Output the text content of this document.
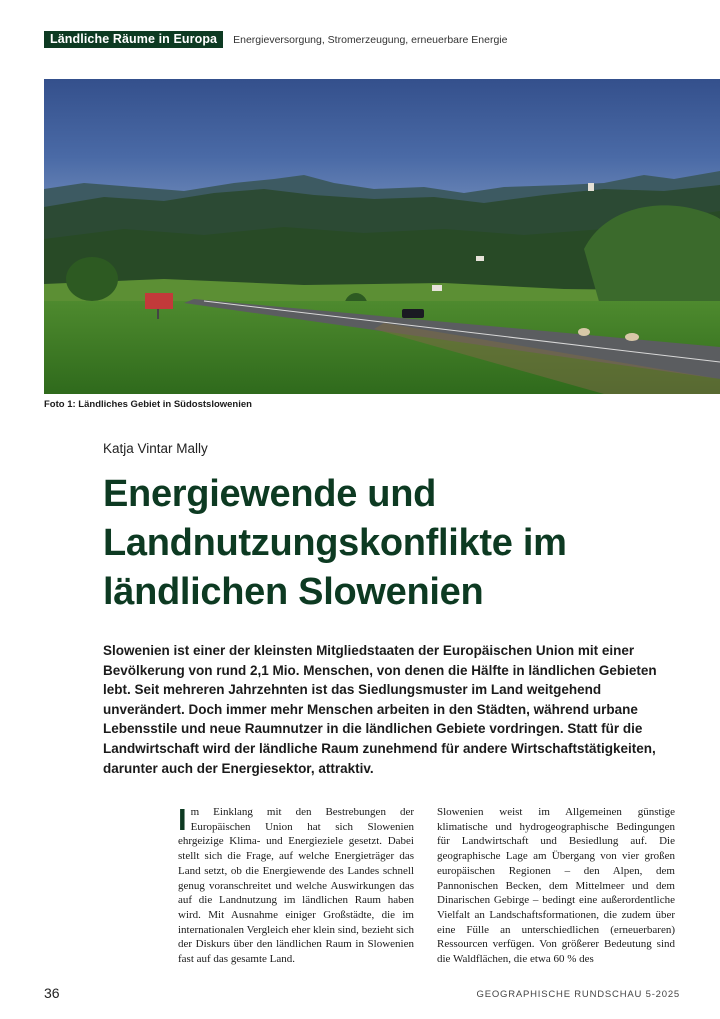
Ländliche Räume in Europa	Energieversorgung, Stromerzeugung, erneuerbare Energie
Foto 1: Ländliches Gebiet in Südostslowenien
Katja Vintar Mally
Energiewende und Landnutzungskonflikte im ländlichen Slowenien

Slowenien ist einer der kleinsten Mitgliedstaaten der Europäischen Union mit einer Bevölkerung von rund 2,1 Mio. Menschen, von denen die Hälfte in ländlichen Gebieten lebt. Seit mehreren Jahrzehnten ist das Siedlungsmuster im Land weitgehend unverändert. Doch immer mehr Menschen arbeiten in den Städten, während urbane Lebensstile und neue Raumnutzer in die ländlichen Gebiete vordringen. Statt für die Landwirtschaft wird der ländliche Raum zunehmend für andere Wirtschaftstätigkeiten, darunter auch der Energiesektor, attraktiv.

Im Einklang mit den Bestrebungen der Europäischen Union hat sich Slowenien ehrgeizige Klima- und Energieziele gesetzt. Dabei stellt sich die Frage, auf welche Energieträger das Land setzt, ob die Energiewende des Landes schnell genug voranschreitet und welche Auswirkungen das auf die Landnutzung im ländlichen Raum haben wird. Mit Ausnahme einiger Großstädte, die im internationalen Vergleich eher klein sind, bezieht sich der Diskurs über den ländlichen Raum in Slowenien fast auf das gesamte Land.
Slowenien weist im Allgemeinen günstige klimatische und hydrogeographische Bedingungen für Landwirtschaft und Besiedlung auf. Die geographische Lage am Übergang von vier großen europäischen Regionen – den Alpen, dem Pannonischen Becken, dem Mittelmeer und dem Dinarischen Gebirge – bedingt eine außerordentliche Vielfalt an Landschaftsformationen, die zudem über eine Fülle an unterschiedlichen (erneuerbaren) Ressourcen verfügen. Von größerer Bedeutung sind die Waldflächen, die etwa 60 % des
36	GEOGRAPHISCHE RUNDSCHAU 5-2025
